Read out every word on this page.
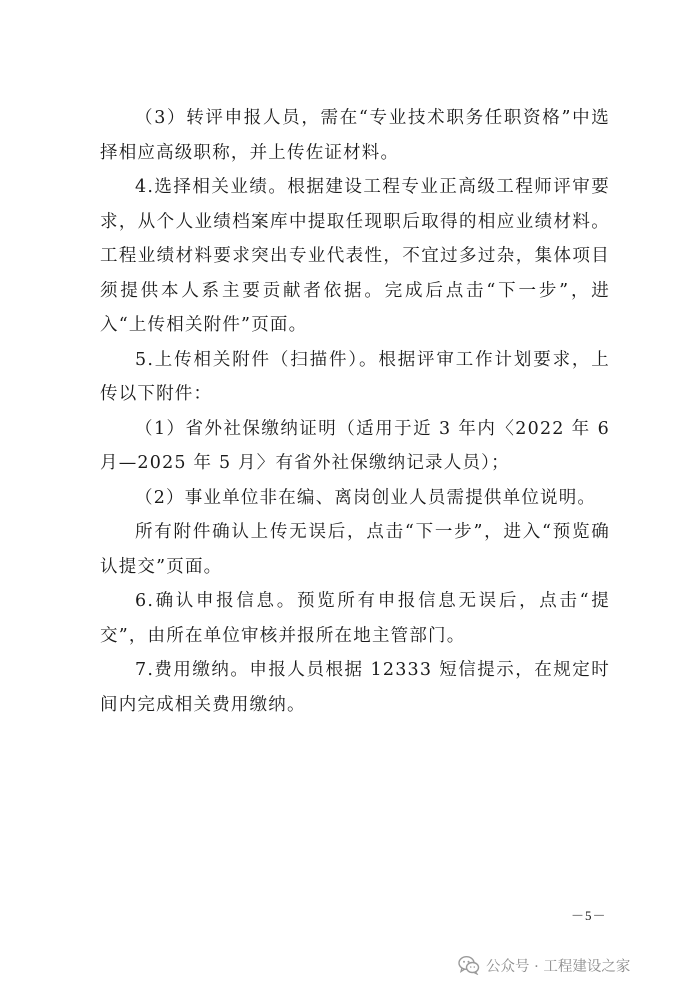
（3）转评申报人员，需在“专业技术职务任职资格”中选择相应高级职称，并上传佐证材料。

4.选择相关业绩。根据建设工程专业正高级工程师评审要求，从个人业绩档案库中提取任现职后取得的相应业绩材料。工程业绩材料要求突出专业代表性，不宜过多过杂，集体项目须提供本人系主要贡献者依据。完成后点击“下一步”，进入“上传相关附件”页面。

5.上传相关附件（扫描件）。根据评审工作计划要求，上传以下附件：

（1）省外社保缴纳证明（适用于近 3 年内〈2022 年 6 月—2025 年 5 月〉有省外社保缴纳记录人员）；

（2）事业单位非在编、离岗创业人员需提供单位说明。

所有附件确认上传无误后，点击“下一步”，进入“预览确认提交”页面。

6.确认申报信息。预览所有申报信息无误后，点击“提交”，由所在单位审核并报所在地主管部门。

7.费用缴纳。申报人员根据 12333 短信提示，在规定时间内完成相关费用缴纳。

－5－
公众号 · 工程建设之家
